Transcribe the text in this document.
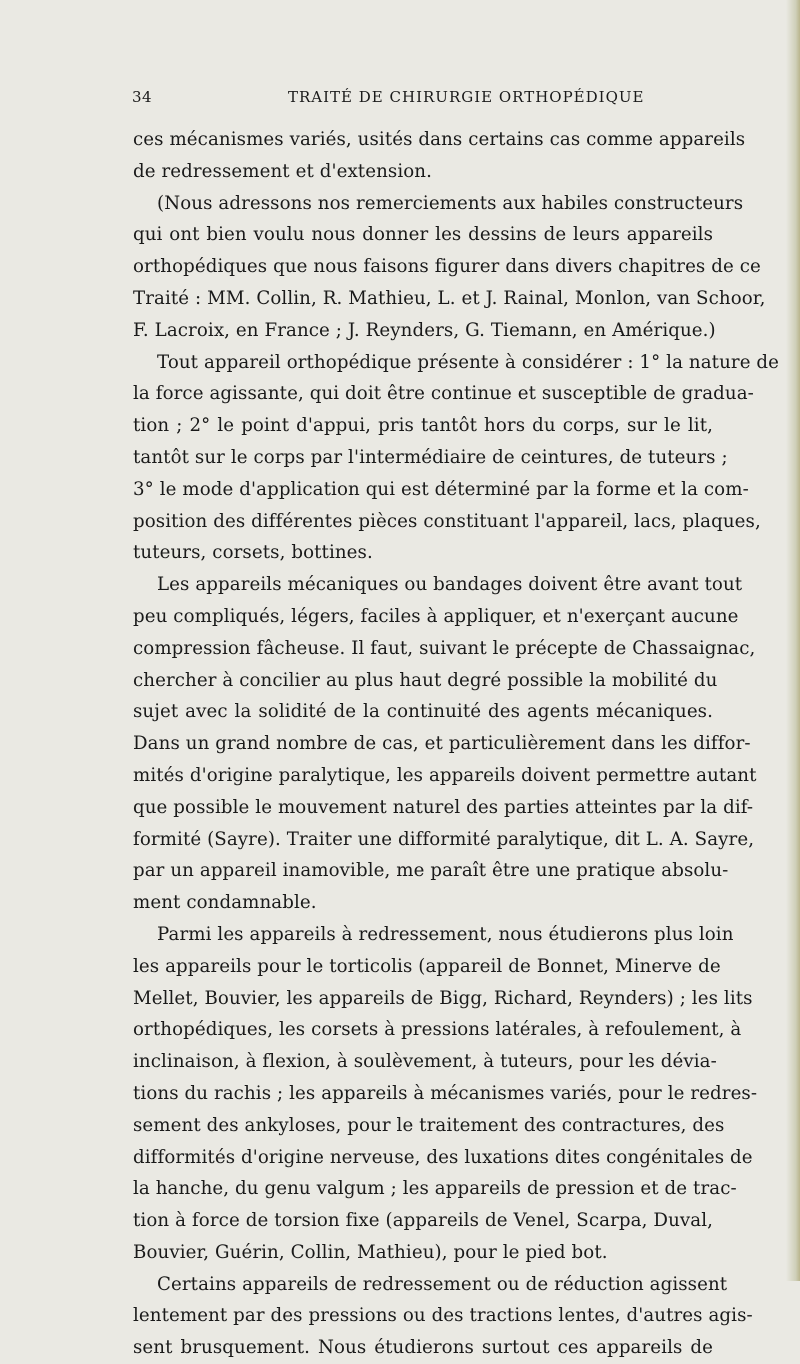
34	TRAITÉ DE CHIRURGIE ORTHOPÉDIQUE
ces mécanismes variés, usités dans certains cas comme appareils
de redressement et d'extension.
(Nous adressons nos remerciements aux habiles constructeurs
qui ont bien voulu nous donner les dessins de leurs appareils
orthopédiques que nous faisons figurer dans divers chapitres de ce
Traité : MM. Collin, R. Mathieu, L. et J. Rainal, Monlon, van Schoor,
F. Lacroix, en France ; J. Reynders, G. Tiemann, en Amérique.)
Tout appareil orthopédique présente à considérer : 1° la nature de
la force agissante, qui doit être continue et susceptible de gradua-
tion ; 2° le point d'appui, pris tantôt hors du corps, sur le lit,
tantôt sur le corps par l'intermédiaire de ceintures, de tuteurs ;
3° le mode d'application qui est déterminé par la forme et la com-
position des différentes pièces constituant l'appareil, lacs, plaques,
tuteurs, corsets, bottines.
Les appareils mécaniques ou bandages doivent être avant tout
peu compliqués, légers, faciles à appliquer, et n'exerçant aucune
compression fâcheuse. Il faut, suivant le précepte de Chassaignac,
chercher à concilier au plus haut degré possible la mobilité du
sujet avec la solidité de la continuité des agents mécaniques.
Dans un grand nombre de cas, et particulièrement dans les diffor-
mités d'origine paralytique, les appareils doivent permettre autant
que possible le mouvement naturel des parties atteintes par la dif-
formité (Sayre). Traiter une difformité paralytique, dit L. A. Sayre,
par un appareil inamovible, me paraît être une pratique absolu-
ment condamnable.
Parmi les appareils à redressement, nous étudierons plus loin
les appareils pour le torticolis (appareil de Bonnet, Minerve de
Mellet, Bouvier, les appareils de Bigg, Richard, Reynders) ; les lits
orthopédiques, les corsets à pressions latérales, à refoulement, à
inclinaison, à flexion, à soulèvement, à tuteurs, pour les dévia-
tions du rachis ; les appareils à mécanismes variés, pour le redres-
sement des ankyloses, pour le traitement des contractures, des
difformités d'origine nerveuse, des luxations dites congénitales de
la hanche, du genu valgum ; les appareils de pression et de trac-
tion à force de torsion fixe (appareils de Venel, Scarpa, Duval,
Bouvier, Guérin, Collin, Mathieu), pour le pied bot.
Certains appareils de redressement ou de réduction agissent
lentement par des pressions ou des tractions lentes, d'autres agis-
sent brusquement. Nous étudierons surtout ces appareils de
